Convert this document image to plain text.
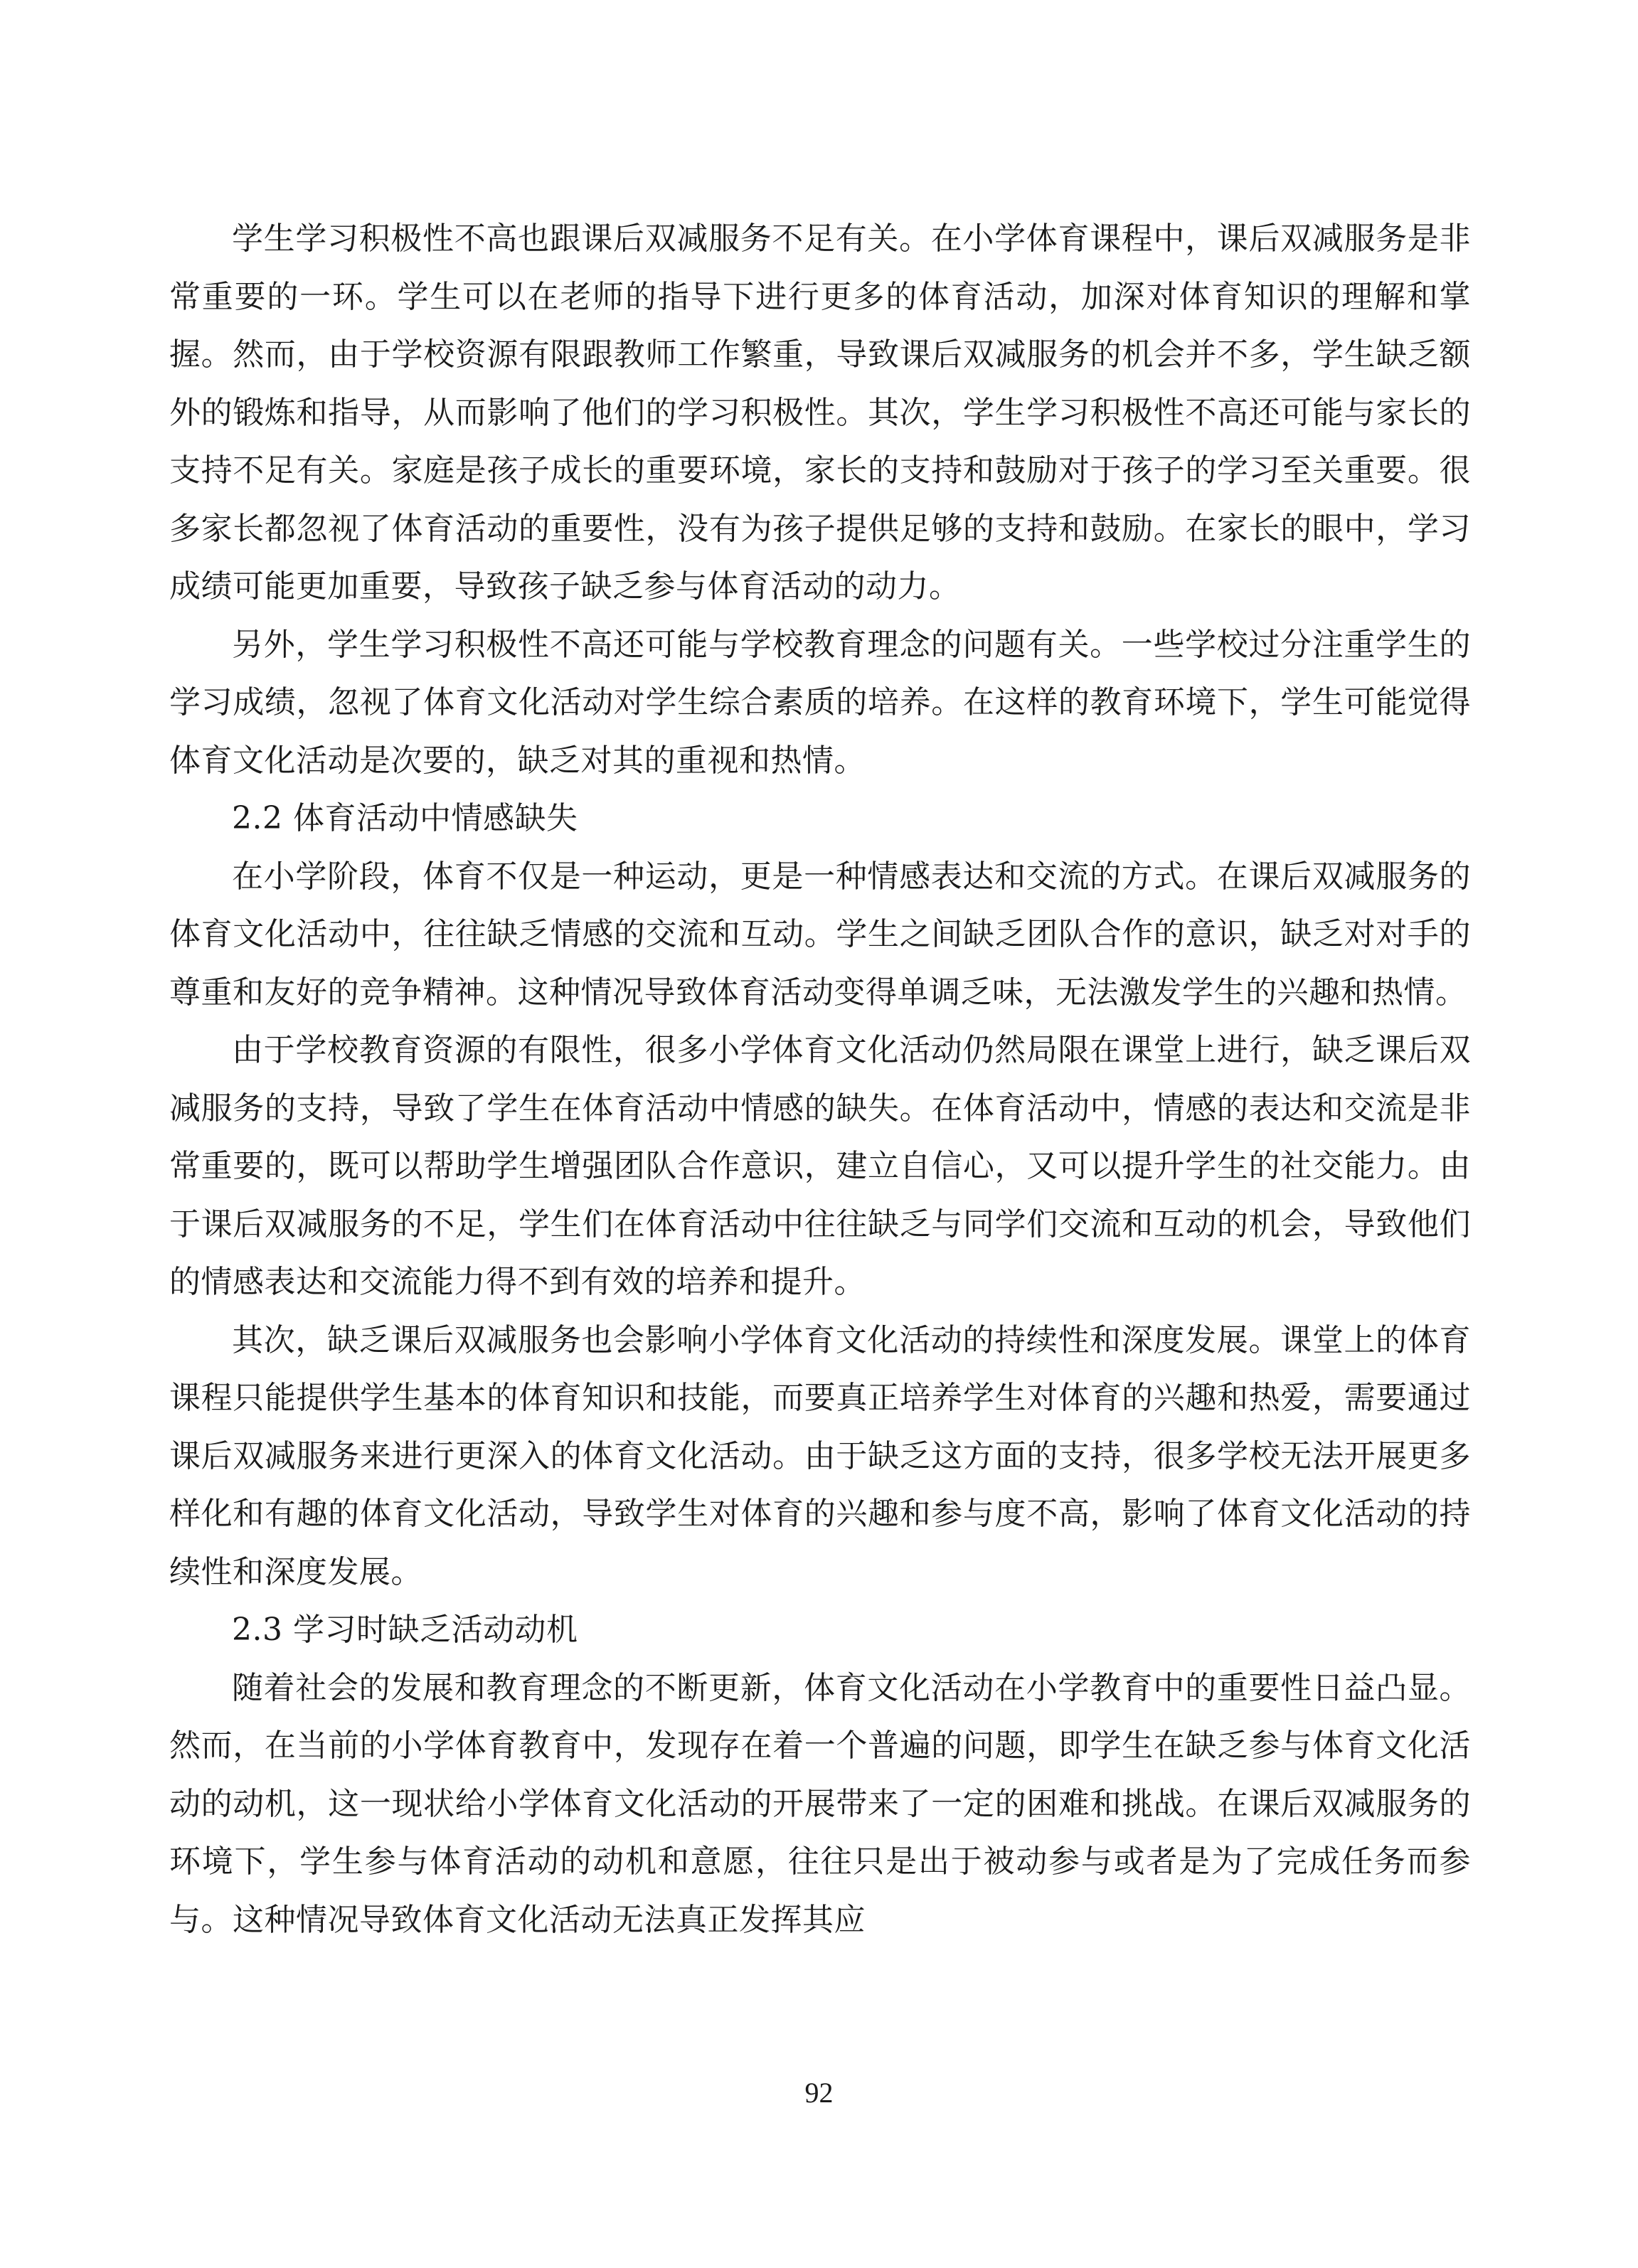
学生学习积极性不高也跟课后双减服务不足有关。在小学体育课程中，课后双减服务是非常重要的一环。学生可以在老师的指导下进行更多的体育活动，加深对体育知识的理解和掌握。然而，由于学校资源有限跟教师工作繁重，导致课后双减服务的机会并不多，学生缺乏额外的锻炼和指导，从而影响了他们的学习积极性。其次，学生学习积极性不高还可能与家长的支持不足有关。家庭是孩子成长的重要环境，家长的支持和鼓励对于孩子的学习至关重要。很多家长都忽视了体育活动的重要性，没有为孩子提供足够的支持和鼓励。在家长的眼中，学习成绩可能更加重要，导致孩子缺乏参与体育活动的动力。

另外，学生学习积极性不高还可能与学校教育理念的问题有关。一些学校过分注重学生的学习成绩，忽视了体育文化活动对学生综合素质的培养。在这样的教育环境下，学生可能觉得体育文化活动是次要的，缺乏对其的重视和热情。

2.2 体育活动中情感缺失

在小学阶段，体育不仅是一种运动，更是一种情感表达和交流的方式。在课后双减服务的体育文化活动中，往往缺乏情感的交流和互动。学生之间缺乏团队合作的意识，缺乏对对手的尊重和友好的竞争精神。这种情况导致体育活动变得单调乏味，无法激发学生的兴趣和热情。

由于学校教育资源的有限性，很多小学体育文化活动仍然局限在课堂上进行，缺乏课后双减服务的支持，导致了学生在体育活动中情感的缺失。在体育活动中，情感的表达和交流是非常重要的，既可以帮助学生增强团队合作意识，建立自信心，又可以提升学生的社交能力。由于课后双减服务的不足，学生们在体育活动中往往缺乏与同学们交流和互动的机会，导致他们的情感表达和交流能力得不到有效的培养和提升。

其次，缺乏课后双减服务也会影响小学体育文化活动的持续性和深度发展。课堂上的体育课程只能提供学生基本的体育知识和技能，而要真正培养学生对体育的兴趣和热爱，需要通过课后双减服务来进行更深入的体育文化活动。由于缺乏这方面的支持，很多学校无法开展更多样化和有趣的体育文化活动，导致学生对体育的兴趣和参与度不高，影响了体育文化活动的持续性和深度发展。

2.3 学习时缺乏活动动机

随着社会的发展和教育理念的不断更新，体育文化活动在小学教育中的重要性日益凸显。然而，在当前的小学体育教育中，发现存在着一个普遍的问题，即学生在缺乏参与体育文化活动的动机，这一现状给小学体育文化活动的开展带来了一定的困难和挑战。在课后双减服务的环境下，学生参与体育活动的动机和意愿，往往只是出于被动参与或者是为了完成任务而参与。这种情况导致体育文化活动无法真正发挥其应

92
